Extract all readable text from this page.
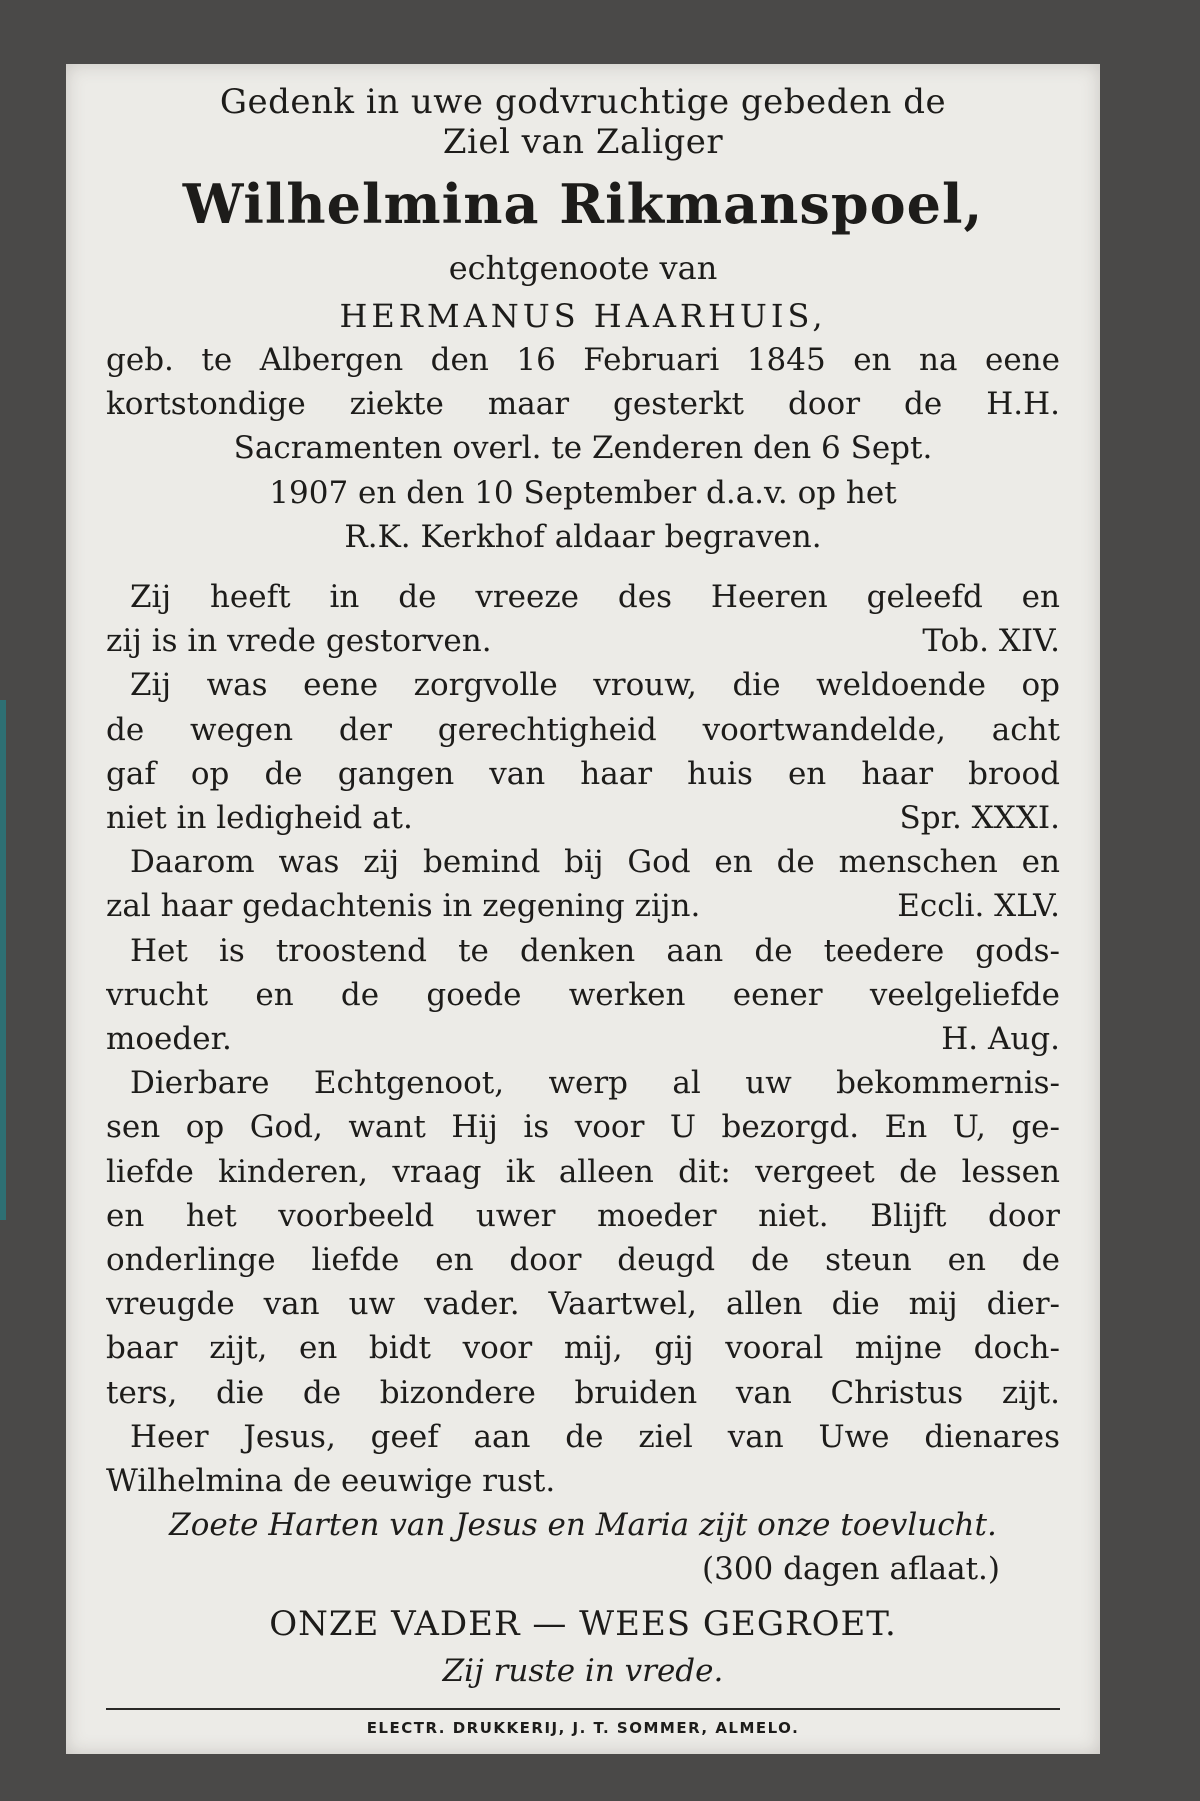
Gedenk in uwe godvruchtige gebeden de

Ziel van Zaliger

Wilhelmina Rikmanspoel,

echtgenoote van

HERMANUS HAARHUIS,

geb. te Albergen den 16 Februari 1845 en na eene

kortstondige ziekte maar gesterkt door de H.H.

Sacramenten overl. te Zenderen den 6 Sept.

1907 en den 10 September d.a.v. op het

R.K. Kerkhof aldaar begraven.

Zij heeft in de vreeze des Heeren geleefd en

zij is in vrede gestorven.	Tob. XIV.

Zij was eene zorgvolle vrouw, die weldoende op

de wegen der gerechtigheid voortwandelde, acht

gaf op de gangen van haar huis en haar brood

niet in ledigheid at.	Spr. XXXI.

Daarom was zij bemind bij God en de menschen en

zal haar gedachtenis in zegening zijn.	Eccli. XLV.

Het is troostend te denken aan de teedere gods-

vrucht en de goede werken eener veelgeliefde

moeder.	H. Aug.

Dierbare Echtgenoot, werp al uw bekommernis-

sen op God, want Hij is voor U bezorgd. En U, ge-

liefde kinderen, vraag ik alleen dit: vergeet de lessen

en het voorbeeld uwer moeder niet. Blijft door

onderlinge liefde en door deugd de steun en de

vreugde van uw vader. Vaartwel, allen die mij dier-

baar zijt, en bidt voor mij, gij vooral mijne doch-

ters, die de bizondere bruiden van Christus zijt.

Heer Jesus, geef aan de ziel van Uwe dienares

Wilhelmina de eeuwige rust.

Zoete Harten van Jesus en Maria zijt onze toevlucht.

(300 dagen aflaat.)

ONZE VADER — WEES GEGROET.

Zij ruste in vrede.

ELECTR. DRUKKERIJ, J. T. SOMMER, ALMELO.
